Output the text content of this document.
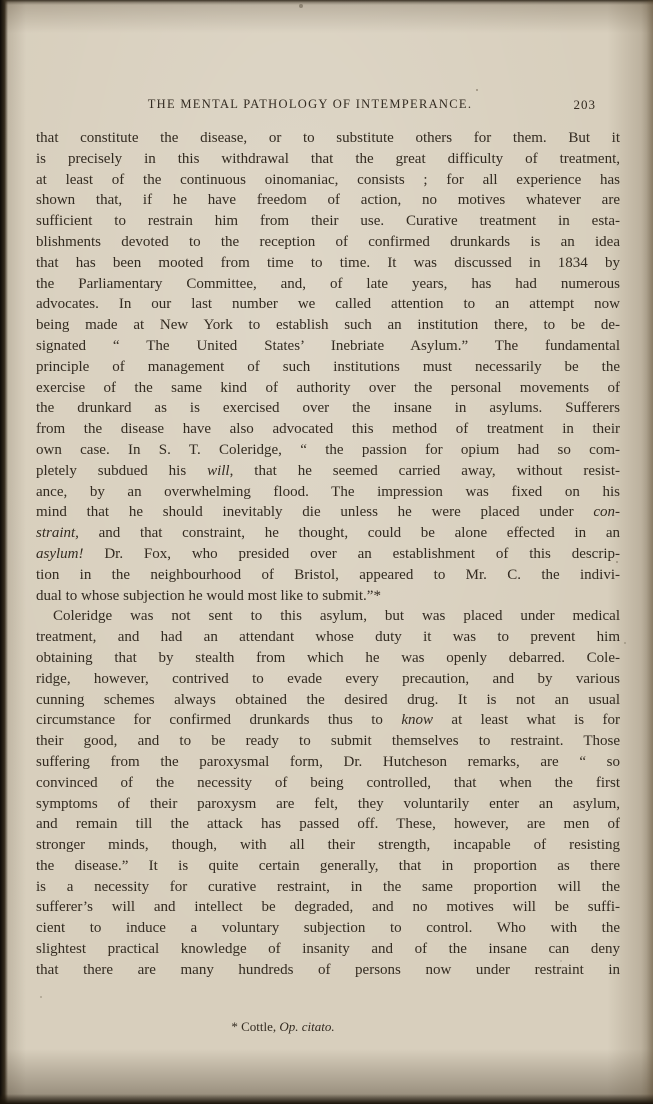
THE MENTAL PATHOLOGY OF INTEMPERANCE.	203
that constitute the disease, or to substitute others for them. But it
is precisely in this withdrawal that the great difficulty of treatment,
at least of the continuous oinomaniac, consists ; for all experience has
shown that, if he have freedom of action, no motives whatever are
sufficient to restrain him from their use. Curative treatment in esta-
blishments devoted to the reception of confirmed drunkards is an idea
that has been mooted from time to time. It was discussed in 1834 by
the Parliamentary Committee, and, of late years, has had numerous
advocates. In our last number we called attention to an attempt now
being made at New York to establish such an institution there, to be de-
signated “ The United States’ Inebriate Asylum.” The fundamental
principle of management of such institutions must necessarily be the
exercise of the same kind of authority over the personal movements of
the drunkard as is exercised over the insane in asylums. Sufferers
from the disease have also advocated this method of treatment in their
own case. In S. T. Coleridge, “ the passion for opium had so com-
pletely subdued his will, that he seemed carried away, without resist-
ance, by an overwhelming flood. The impression was fixed on his
mind that he should inevitably die unless he were placed under con-
straint, and that constraint, he thought, could be alone effected in an
asylum! Dr. Fox, who presided over an establishment of this descrip-
tion in the neighbourhood of Bristol, appeared to Mr. C. the indivi-
dual to whose subjection he would most like to submit.”*
Coleridge was not sent to this asylum, but was placed under medical
treatment, and had an attendant whose duty it was to prevent him
obtaining that by stealth from which he was openly debarred. Cole-
ridge, however, contrived to evade every precaution, and by various
cunning schemes always obtained the desired drug. It is not an usual
circumstance for confirmed drunkards thus to know at least what is for
their good, and to be ready to submit themselves to restraint. Those
suffering from the paroxysmal form, Dr. Hutcheson remarks, are “ so
convinced of the necessity of being controlled, that when the first
symptoms of their paroxysm are felt, they voluntarily enter an asylum,
and remain till the attack has passed off. These, however, are men of
stronger minds, though, with all their strength, incapable of resisting
the disease.” It is quite certain generally, that in proportion as there
is a necessity for curative restraint, in the same proportion will the
sufferer’s will and intellect be degraded, and no motives will be suffi-
cient to induce a voluntary subjection to control. Who with the
slightest practical knowledge of insanity and of the insane can deny
that there are many hundreds of persons now under restraint in
* Cottle, Op. citato.
